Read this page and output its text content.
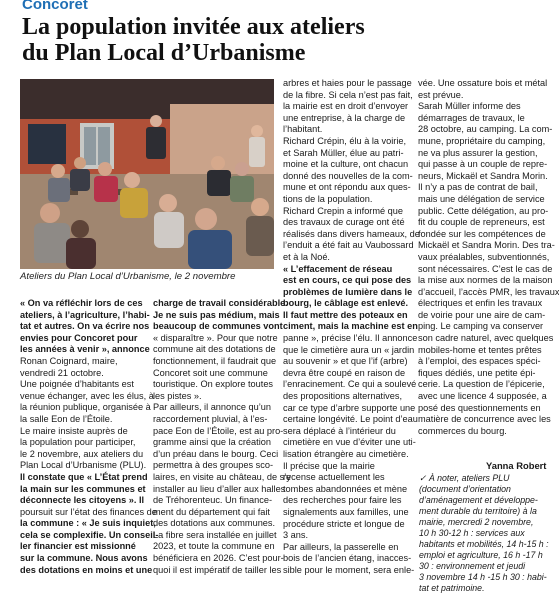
Concoret
La population invitée aux ateliers
du Plan Local d’Urbanisme
Ateliers du Plan Local d’Urbanisme, le 2 novembre
« On va réfléchir lors de ces
ateliers, à l’agriculture, l’habi-
tat et autres. On va écrire nos
envies pour Concoret pour
les années à venir », annonce
Ronan Coignard, maire,
vendredi 21 octobre.
Une poignée d’habitants est
venue échanger, avec les élus, à
la réunion publique, organisée à
la salle Eon de l’Étoile.
Le maire insiste auprès de
la population pour participer,
le 2 novembre, aux ateliers du
Plan Local d’Urbanisme (PLU).
Il constate que « L’État prend
la main sur les communes et
déconnecte les citoyens ». Il
poursuit sur l’état des finances de
la commune : « Je suis inquiet,
cela se complexifie. Un conseil-
ler financier est missionné
sur la commune. Nous avons
des dotations en moins et une
charge de travail considérable.
Je ne suis pas médium, mais
beaucoup de communes vont
« disparaître ». Pour que notre
commune ait des dotations de
fonctionnement, il faudrait que
Concoret soit une commune
touristique. On explore toutes
les pistes ».
Par ailleurs, il annonce qu’un
raccordement pluvial, à l’es-
pace Eon de l’Étoile, est au pro-
gramme ainsi que la création
d’un préau dans le bourg. Ceci
permettra à des groupes sco-
laires, en visite au château, de s’y
installer au lieu d’aller aux halles
de Tréhorenteuc. Un finance-
ment du département qui fait
des dotations aux communes.
La fibre sera installée en juillet
2023, et toute la commune en
bénéficiera en 2026. C’est pour-
quoi il est impératif de tailler les
arbres et haies pour le passage
de la fibre. Si cela n’est pas fait,
la mairie est en droit d’envoyer
une entreprise, à la charge de
l’habitant.
Richard Crépin, élu à la voirie,
et Sarah Müller, élue au patri-
moine et la culture, ont chacun
donné des nouvelles de la com-
mune et ont répondu aux ques-
tions de la population.
Richard Crepin a informé que
des travaux de curage ont été
réalisés dans divers hameaux, de
l’enduit a été fait au Vaubossard
et à la Noé.
« L’effacement de réseau
est en cours, ce qui pose des
problèmes de lumière dans le
bourg, le câblage est enlevé.
Il faut mettre des poteaux en
ciment, mais la machine est en
panne », précise l’élu. Il annonce
que le cimetière aura un « jardin
au souvenir » et que l’if (arbre)
devra être coupé en raison de
l’enracinement. Ce qui a soulevé
des propositions alternatives,
car ce type d’arbre supporte une
certaine longévité. Le point d’eau
sera déplacé à l’intérieur du
cimetière en vue d’éviter une uti-
lisation étrangère au cimetière.
Il précise que la mairie
recense actuellement les
tombes abandonnées et mène
des recherches pour faire les
signalements aux familles, une
procédure stricte et longue de
3 ans.
Par ailleurs, la passerelle en
bois de l’ancien étang, inacces-
sible pour le moment, sera enle-
vée. Une ossature bois et métal
est prévue.
Sarah Müller informe des
démarrages de travaux, le
28 octobre, au camping. La com-
mune, propriétaire du camping,
ne va plus assurer la gestion,
qui passe à un couple de repre-
neurs, Mickaël et Sandra Morin.
Il n’y a pas de contrat de bail,
mais une délégation de service
public. Cette délégation, au pro-
fit du couple de repreneurs, est
fondée sur les compétences de
Mickaël et Sandra Morin. Des tra-
vaux préalables, subventionnés,
sont nécessaires. C’est le cas de
la mise aux normes de la maison
d’accueil, l’accès PMR, les travaux
électriques et enfin les travaux
de voirie pour une aire de cam-
ping. Le camping va conserver
son cadre naturel, avec quelques
mobiles-home et tentes prêtes
à l’emploi, des espaces spéci-
fiques dédiés, une petite épi-
cerie. La question de l’épicerie,
avec une licence 4 supposée, a
posé des questionnements en
matière de concurrence avec les
commerces du bourg.
Yanna Robert
✓ À noter, ateliers PLU
(document d’orientation
d’aménagement et développe-
ment durable du territoire) à la
mairie, mercredi 2 novembre,
10 h 30-12 h : services aux
habitants et mobilités, 14 h-15 h :
emploi et agriculture, 16 h -17 h
30 : environnement et jeudi
3 novembre 14 h -15 h 30 : habi-
tat et patrimoine.
